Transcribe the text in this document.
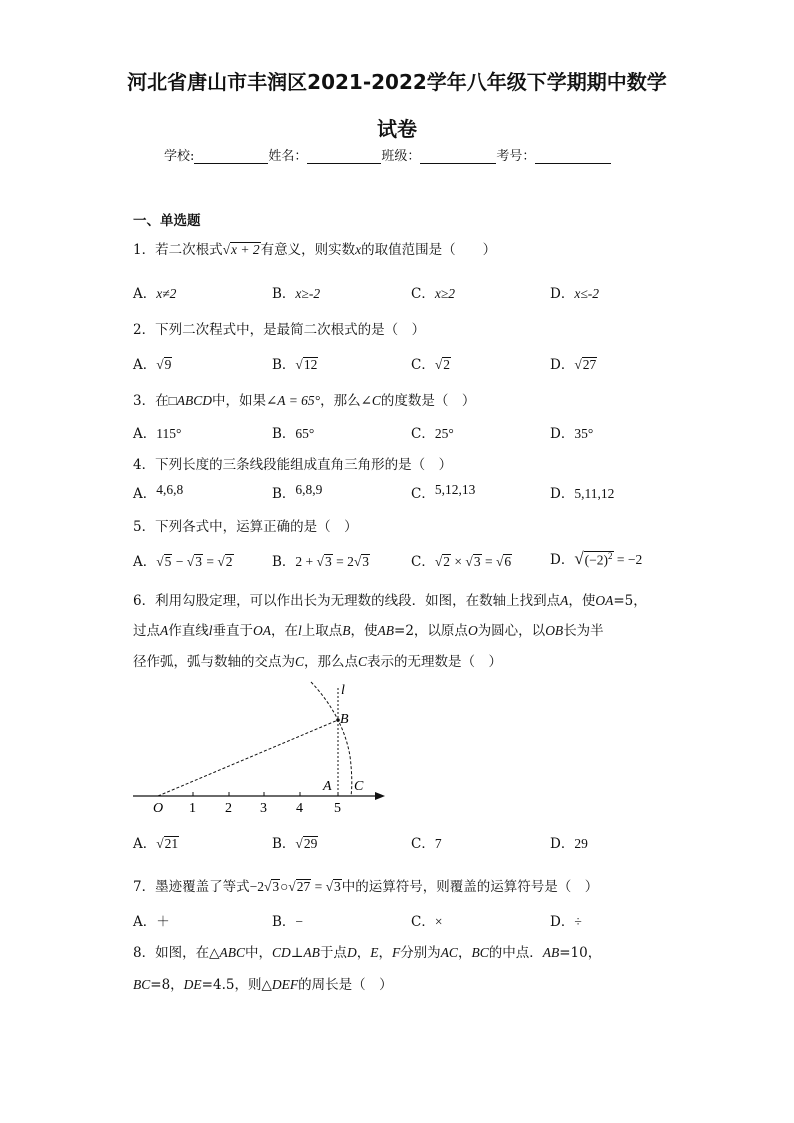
河北省唐山市丰润区2021-2022学年八年级下学期期中数学
试卷
学校:	姓名：	班级：	考号：
一、单选题
1．若二次根式√x + 2有意义，则实数x的取值范围是（　　）
A．x≠2	B．x≥-2	C．x≥2	D．x≤-2
2．下列二次程式中，是最简二次根式的是（　）
A．√9	B．√12	C．√2	D．√27
3．在□ABCD中，如果∠A = 65°，那么∠C的度数是（　）
A．115°	B．65°	C．25°	D．35°
4．下列长度的三条线段能组成直角三角形的是（　）
A．4,6,8	B．6,8,9	C．5,12,13	D．5,11,12
5．下列各式中，运算正确的是（　）
A．√5 − √3 = √2	B．2 + √3 = 2√3	C．√2 × √3 = √6	D．$√(-2)^2 = -2$
6．利用勾股定理，可以作出长为无理数的线段．如图，在数轴上找到点A，使OA=5，
过点A作直线l垂直于OA，在l上取点B，使AB=2，以原点O为圆心，以OB长为半
径作弧，弧与数轴的交点为C，那么点C表示的无理数是（　）
l
B
A C
O 1 2 3 4 5
A．√21	B．√29	C．7	D．29
7．墨迹覆盖了等式−2√3○√27 = √3中的运算符号，则覆盖的运算符号是（　）
A．＋	B．−	C．×	D．÷
8．如图，在△ABC中，CD⊥AB于点D，E，F分别为AC，BC的中点．AB=10，
BC=8，DE=4.5，则△DEF的周长是（　）
